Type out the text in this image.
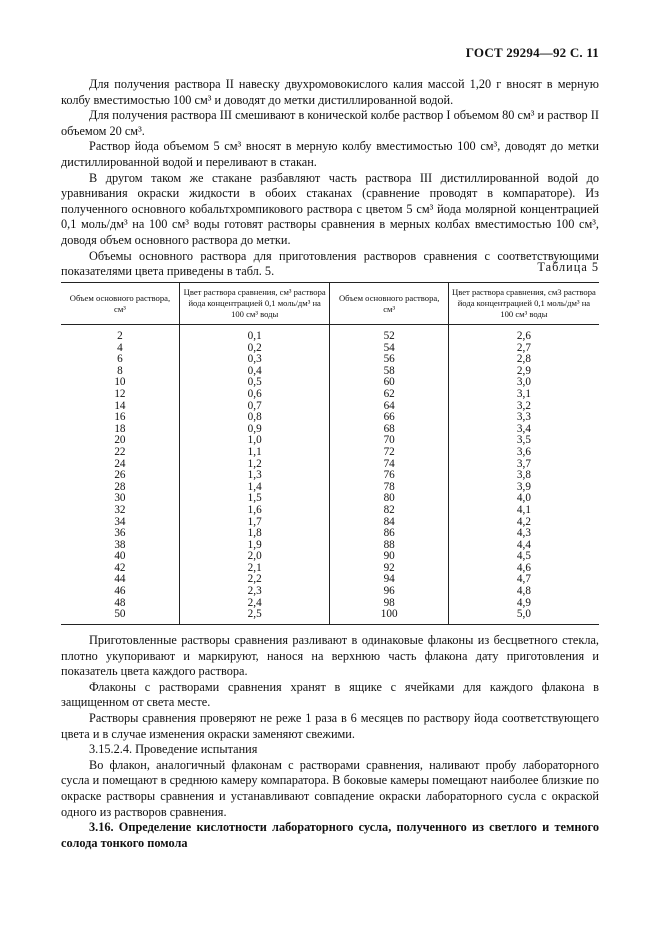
ГОСТ 29294—92 С. 11

Для получения раствора II навеску двухромовокислого калия массой 1,20 г вносят в мерную колбу вместимостью 100 см³ и доводят до метки дистиллированной водой.

Для получения раствора III смешивают в конической колбе раствор I объемом 80 см³ и раствор II объемом 20 см³.

Раствор йода объемом 5 см³ вносят в мерную колбу вместимостью 100 см³, доводят до метки дистиллированной водой и переливают в стакан.

В другом таком же стакане разбавляют часть раствора III дистиллированной водой до уравнивания окраски жидкости в обоих стаканах (сравнение проводят в компараторе). Из полученного основного кобальтхромпикового раствора с цветом 5 см³ йода молярной концентрацией 0,1 моль/дм³ на 100 см³ воды готовят растворы сравнения в мерных колбах вместимостью 100 см³, доводя объем основного раствора до метки.

Объемы основного раствора для приготовления растворов сравнения с соответствующими показателями цвета приведены в табл. 5.	Таблица 5
Объем основного раствора, см³	Цвет раствора сравнения, см³ раствора йода концентрацией 0,1 моль/дм³ на 100 см³ воды	Объем основного раствора, см³	Цвет раствора сравнения, см3 раствора йода концентрацией 0,1 моль/дм³ на 100 см³ воды
2	0,1	52	2,6
4	0,2	54	2,7
6	0,3	56	2,8
8	0,4	58	2,9
10	0,5	60	3,0
12	0,6	62	3,1
14	0,7	64	3,2
16	0,8	66	3,3
18	0,9	68	3,4
20	1,0	70	3,5
22	1,1	72	3,6
24	1,2	74	3,7
26	1,3	76	3,8
28	1,4	78	3,9
30	1,5	80	4,0
32	1,6	82	4,1
34	1,7	84	4,2
36	1,8	86	4,3
38	1,9	88	4,4
40	2,0	90	4,5
42	2,1	92	4,6
44	2,2	94	4,7
46	2,3	96	4,8
48	2,4	98	4,9
50	2,5	100	5,0

Приготовленные растворы сравнения разливают в одинаковые флаконы из бесцветного стекла, плотно укупоривают и маркируют, нанося на верхнюю часть флакона дату приготовления и показатель цвета каждого раствора.

Флаконы с растворами сравнения хранят в ящике с ячейками для каждого флакона в защищенном от света месте.

Растворы сравнения проверяют не реже 1 раза в 6 месяцев по раствору йода соответствующего цвета и в случае изменения окраски заменяют свежими.

3.15.2.4. Проведение испытания

Во флакон, аналогичный флаконам с растворами сравнения, наливают пробу лабораторного сусла и помещают в среднюю камеру компаратора. В боковые камеры помещают наиболее близкие по окраске растворы сравнения и устанавливают совпадение окраски лабораторного сусла с окраской одного из растворов сравнения.

3.16. Определение кислотности лабораторного сусла, полученного из светлого и темного солода тонкого помола
